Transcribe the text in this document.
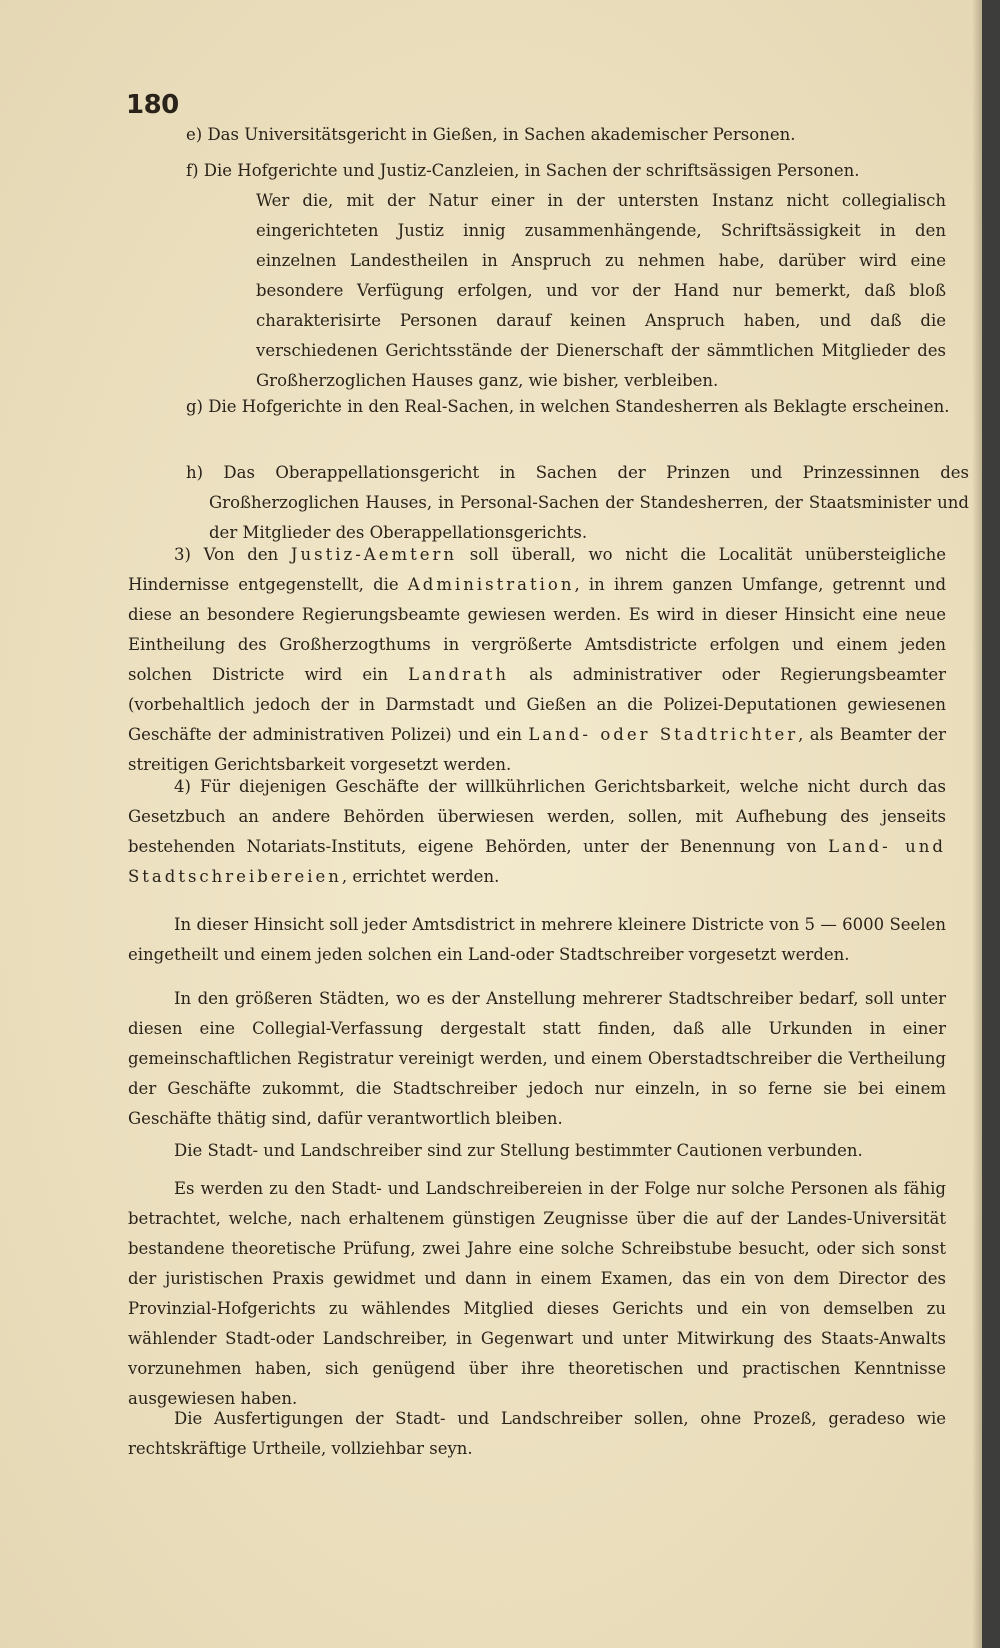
180
e) Das Universitätsgericht in Gießen, in Sachen akademischer Personen.
f) Die Hofgerichte und Justiz-Canzleien, in Sachen der schriftsässigen Personen.
Wer die, mit der Natur einer in der untersten Instanz nicht collegialisch eingerichteten Justiz innig zusammenhängende, Schriftsässigkeit in den einzelnen Landestheilen in Anspruch zu nehmen habe, darüber wird eine besondere Verfügung erfolgen, und vor der Hand nur bemerkt, daß bloß charakterisirte Personen darauf keinen Anspruch haben, und daß die verschiedenen Gerichtsstände der Dienerschaft der sämmtlichen Mitglieder des Großherzoglichen Hauses ganz, wie bisher, verbleiben.
g) Die Hofgerichte in den Real-Sachen, in welchen Standesherren als Beklagte erscheinen.
h) Das Oberappellationsgericht in Sachen der Prinzen und Prinzessinnen des Großherzoglichen Hauses, in Personal-Sachen der Standesherren, der Staatsminister und der Mitglieder des Oberappellationsgerichts.
3) Von den Justiz-Aemtern soll überall, wo nicht die Localität unübersteigliche Hindernisse entgegenstellt, die Administration, in ihrem ganzen Umfange, getrennt und diese an besondere Regierungsbeamte gewiesen werden. Es wird in dieser Hinsicht eine neue Eintheilung des Großherzogthums in vergrößerte Amtsdistricte erfolgen und einem jeden solchen Districte wird ein Landrath als administrativer oder Regierungsbeamter (vorbehaltlich jedoch der in Darmstadt und Gießen an die Polizei-Deputationen gewiesenen Geschäfte der administrativen Polizei) und ein Land- oder Stadtrichter, als Beamter der streitigen Gerichtsbarkeit vorgesetzt werden.
4) Für diejenigen Geschäfte der willkührlichen Gerichtsbarkeit, welche nicht durch das Gesetzbuch an andere Behörden überwiesen werden, sollen, mit Aufhebung des jenseits bestehenden Notariats-Instituts, eigene Behörden, unter der Benennung von Land- und Stadtschreibereien, errichtet werden.
In dieser Hinsicht soll jeder Amtsdistrict in mehrere kleinere Districte von 5 — 6000 Seelen eingetheilt und einem jeden solchen ein Land-oder Stadtschreiber vorgesetzt werden.
In den größeren Städten, wo es der Anstellung mehrerer Stadtschreiber bedarf, soll unter diesen eine Collegial-Verfassung dergestalt statt finden, daß alle Urkunden in einer gemeinschaftlichen Registratur vereinigt werden, und einem Oberstadtschreiber die Vertheilung der Geschäfte zukommt, die Stadtschreiber jedoch nur einzeln, in so ferne sie bei einem Geschäfte thätig sind, dafür verantwortlich bleiben.
Die Stadt- und Landschreiber sind zur Stellung bestimmter Cautionen verbunden.
Es werden zu den Stadt- und Landschreibereien in der Folge nur solche Personen als fähig betrachtet, welche, nach erhaltenem günstigen Zeugnisse über die auf der Landes-Universität bestandene theoretische Prüfung, zwei Jahre eine solche Schreibstube besucht, oder sich sonst der juristischen Praxis gewidmet und dann in einem Examen, das ein von dem Director des Provinzial-Hofgerichts zu wählendes Mitglied dieses Gerichts und ein von demselben zu wählender Stadt-oder Landschreiber, in Gegenwart und unter Mitwirkung des Staats-Anwalts vorzunehmen haben, sich genügend über ihre theoretischen und practischen Kenntnisse ausgewiesen haben.
Die Ausfertigungen der Stadt- und Landschreiber sollen, ohne Prozeß, geradeso wie rechtskräftige Urtheile, vollziehbar seyn.
